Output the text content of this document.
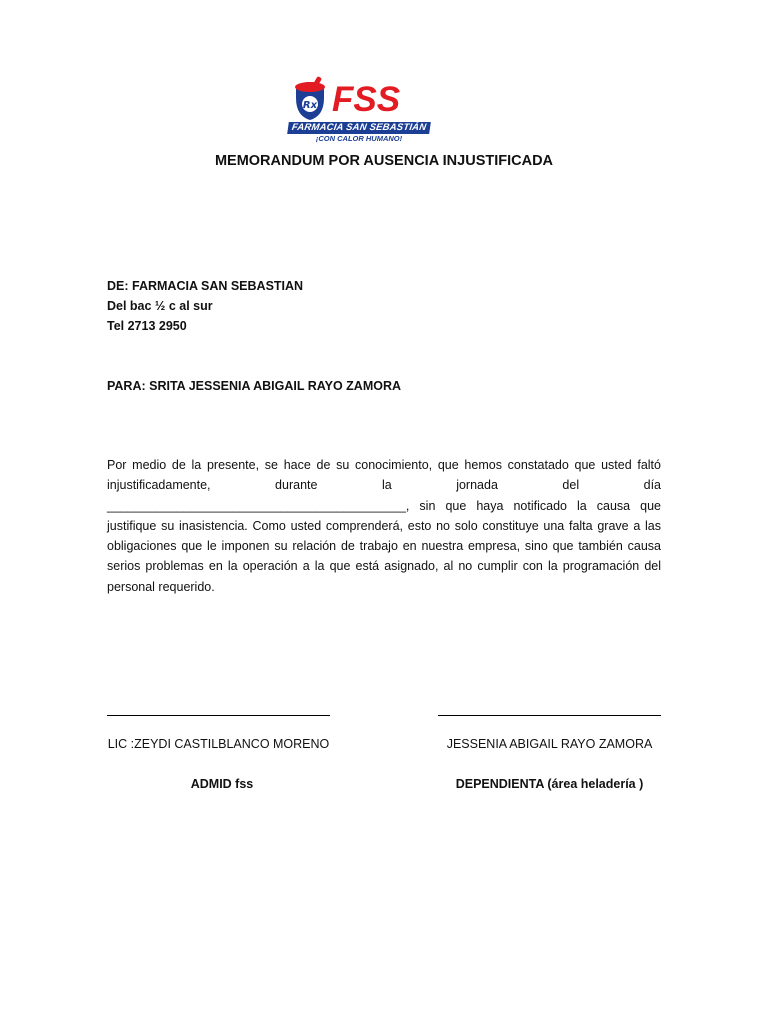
Rx FSS
FARMACIA SAN SEBASTIÁN
¡CON CALOR HUMANO!
MEMORANDUM POR AUSENCIA INJUSTIFICADA
DE: FARMACIA SAN SEBASTIAN
Del bac ½ c al sur
Tel 2713 2950
PARA: SRITA JESSENIA ABIGAIL RAYO ZAMORA
Por medio de la presente, se hace de su conocimiento, que hemos constatado que usted faltó injustificadamente, durante la jornada del día ___________________________________________, sin que haya notificado la causa que justifique su inasistencia. Como usted comprenderá, esto no solo constituye una falta grave a las obligaciones que le imponen su relación de trabajo en nuestra empresa, sino que también causa serios problemas en la operación a la que está asignado, al no cumplir con la programación del personal requerido.
LIC :ZEYDI CASTILBLANCO MORENO	JESSENIA ABIGAIL RAYO ZAMORA
ADMID fss	DEPENDIENTA (área heladería )
